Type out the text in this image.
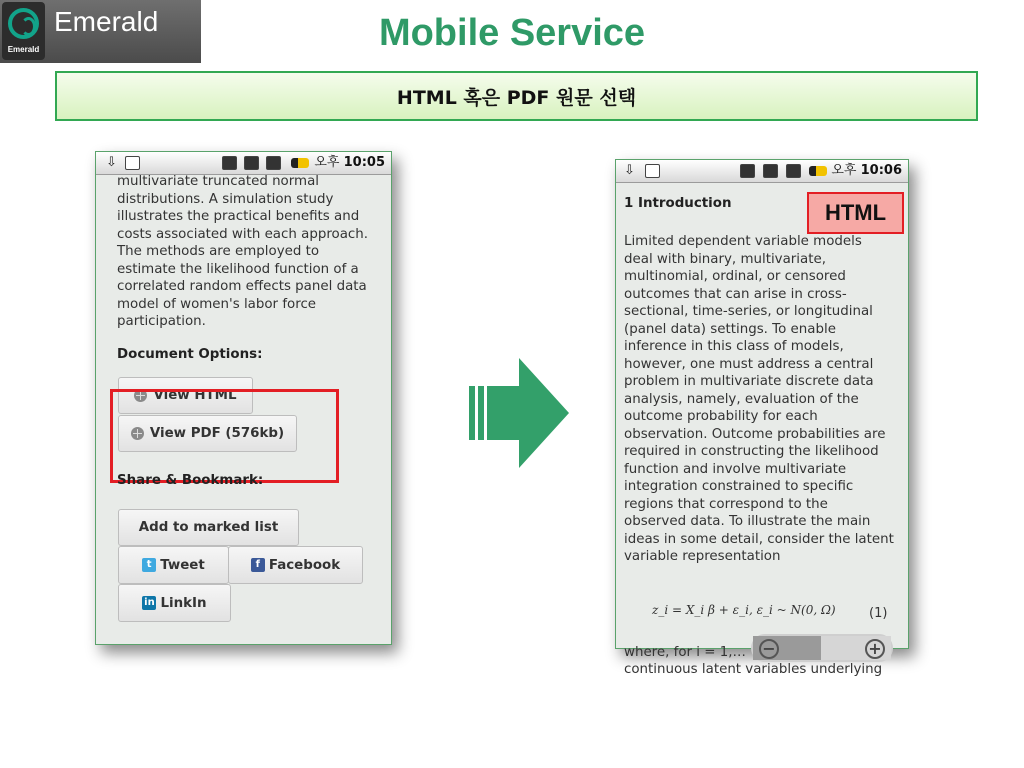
Emerald
Emerald	Mobile Service
HTML 혹은 PDF 원문 선택
⇩	오후 10:05
multivariate truncated normal distributions. A simulation study illustrates the practical benefits and costs associated with each approach. The methods are employed to estimate the likelihood function of a correlated random effects panel data model of women's labor force participation.
Document Options:
View HTML
View PDF (576kb)
Share & Bookmark:
Add to marked list
t Tweet	f Facebook
in LinkIn
⇩	오후 10:06
1 Introduction	HTML
Limited dependent variable models deal with binary, multivariate, multinomial, ordinal, or censored outcomes that can arise in cross-sectional, time-series, or longitudinal (panel data) settings. To enable inference in this class of models, however, one must address a central problem in multivariate discrete data analysis, namely, evaluation of the outcome probability for each observation. Outcome probabilities are required in constructing the likelihood function and involve multivariate integration constrained to specific regions that correspond to the observed data. To illustrate the main ideas in some detail, consider the latent variable representation
z_i = X_i β + ε_i, ε_i ~ N(0, Ω)	(1)
where, for i = 1,…
continuous latent variables underlying
−	+
